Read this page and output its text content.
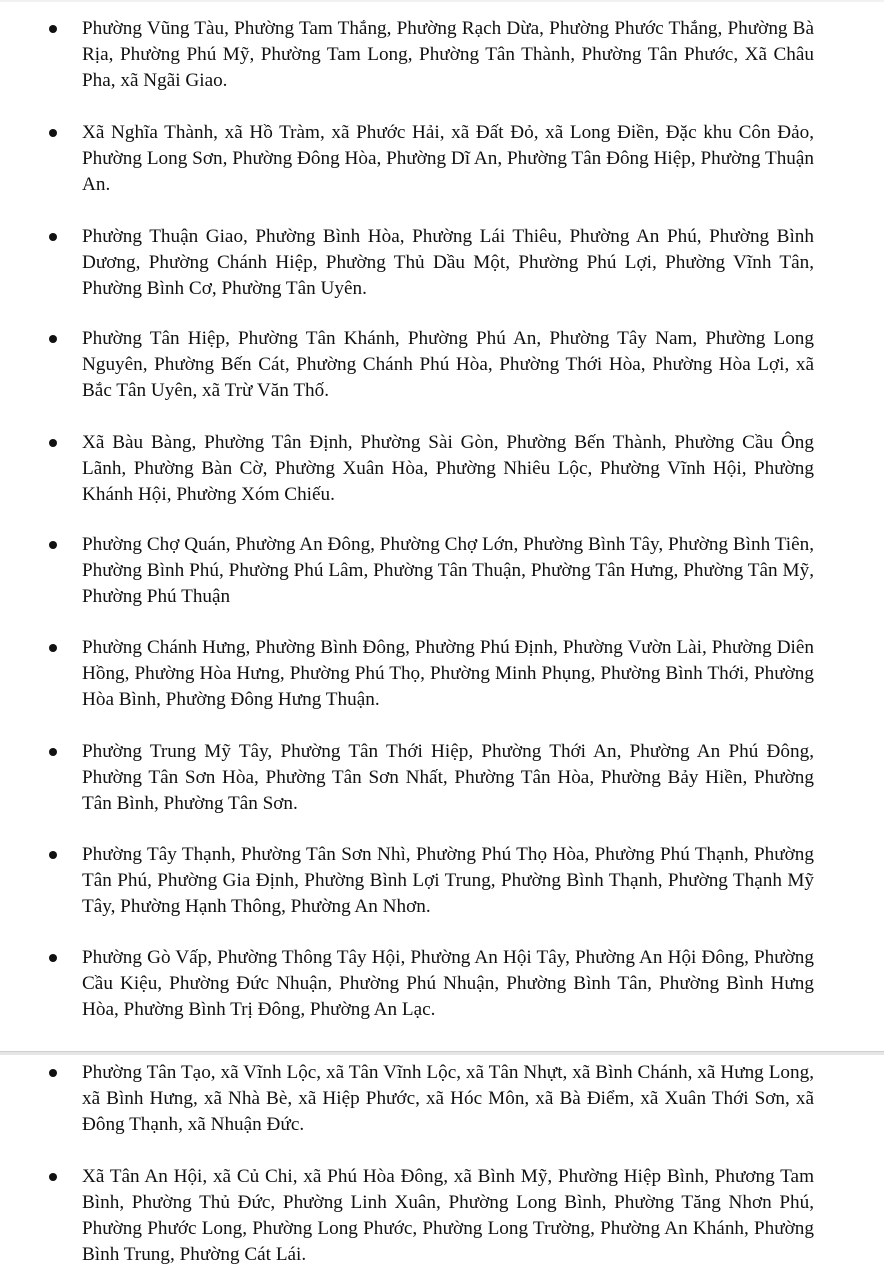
Phường Vũng Tàu, Phường Tam Thắng, Phường Rạch Dừa, Phường Phước Thắng, Phường Bà Rịa, Phường Phú Mỹ, Phường Tam Long, Phường Tân Thành, Phường Tân Phước, Xã Châu Pha, xã Ngãi Giao.
Xã Nghĩa Thành, xã Hồ Tràm, xã Phước Hải, xã Đất Đỏ, xã Long Điền, Đặc khu Côn Đảo, Phường Long Sơn, Phường Đông Hòa, Phường Dĩ An, Phường Tân Đông Hiệp, Phường Thuận An.
Phường Thuận Giao, Phường Bình Hòa, Phường Lái Thiêu, Phường An Phú, Phường Bình Dương, Phường Chánh Hiệp, Phường Thủ Dầu Một, Phường Phú Lợi, Phường Vĩnh Tân, Phường Bình Cơ, Phường Tân Uyên.
Phường Tân Hiệp, Phường Tân Khánh, Phường Phú An, Phường Tây Nam, Phường Long Nguyên, Phường Bến Cát, Phường Chánh Phú Hòa, Phường Thới Hòa, Phường Hòa Lợi, xã Bắc Tân Uyên, xã Trừ Văn Thố.
Xã Bàu Bàng, Phường Tân Định, Phường Sài Gòn, Phường Bến Thành, Phường Cầu Ông Lãnh, Phường Bàn Cờ, Phường Xuân Hòa, Phường Nhiêu Lộc, Phường Vĩnh Hội, Phường Khánh Hội, Phường Xóm Chiếu.
Phường Chợ Quán, Phường An Đông, Phường Chợ Lớn, Phường Bình Tây, Phường Bình Tiên, Phường Bình Phú, Phường Phú Lâm, Phường Tân Thuận, Phường Tân Hưng, Phường Tân Mỹ, Phường Phú Thuận
Phường Chánh Hưng, Phường Bình Đông, Phường Phú Định, Phường Vườn Lài, Phường Diên Hồng, Phường Hòa Hưng, Phường Phú Thọ, Phường Minh Phụng, Phường Bình Thới, Phường Hòa Bình, Phường Đông Hưng Thuận.
Phường Trung Mỹ Tây, Phường Tân Thới Hiệp, Phường Thới An, Phường An Phú Đông, Phường Tân Sơn Hòa, Phường Tân Sơn Nhất, Phường Tân Hòa, Phường Bảy Hiền, Phường Tân Bình, Phường Tân Sơn.
Phường Tây Thạnh, Phường Tân Sơn Nhì, Phường Phú Thọ Hòa, Phường Phú Thạnh, Phường Tân Phú, Phường Gia Định, Phường Bình Lợi Trung, Phường Bình Thạnh, Phường Thạnh Mỹ Tây, Phường Hạnh Thông, Phường An Nhơn.
Phường Gò Vấp, Phường Thông Tây Hội, Phường An Hội Tây, Phường An Hội Đông, Phường Cầu Kiệu, Phường Đức Nhuận, Phường Phú Nhuận, Phường Bình Tân, Phường Bình Hưng Hòa, Phường Bình Trị Đông, Phường An Lạc.
Phường Tân Tạo, xã Vĩnh Lộc, xã Tân Vĩnh Lộc, xã Tân Nhựt, xã Bình Chánh, xã Hưng Long, xã Bình Hưng, xã Nhà Bè, xã Hiệp Phước, xã Hóc Môn, xã Bà Điểm, xã Xuân Thới Sơn, xã Đông Thạnh, xã Nhuận Đức.
Xã Tân An Hội, xã Củ Chi, xã Phú Hòa Đông, xã Bình Mỹ, Phường Hiệp Bình, Phương Tam Bình, Phường Thủ Đức, Phường Linh Xuân, Phường Long Bình, Phường Tăng Nhơn Phú, Phường Phước Long, Phường Long Phước, Phường Long Trường, Phường An Khánh, Phường Bình Trung, Phường Cát Lái.
